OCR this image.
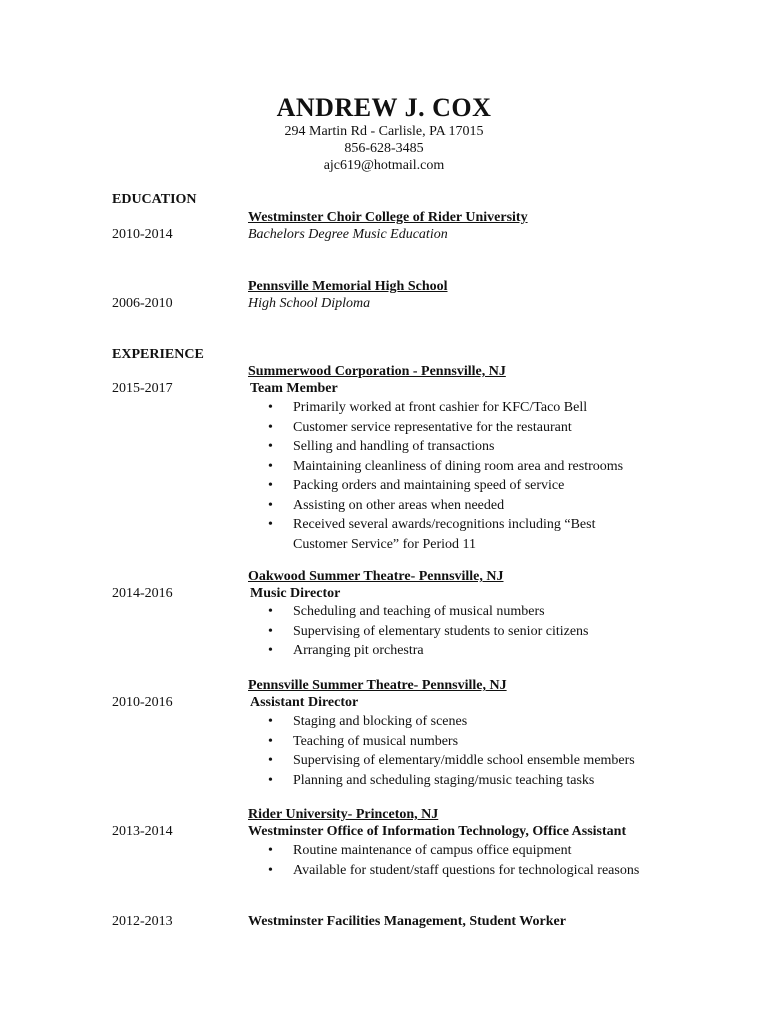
ANDREW J. COX
294 Martin Rd - Carlisle, PA 17015
856-628-3485
ajc619@hotmail.com
EDUCATION
Westminster Choir College of Rider University
2010-2014	Bachelors Degree Music Education
Pennsville Memorial High School
2006-2010	High School Diploma
EXPERIENCE
Summerwood Corporation - Pennsville, NJ
2015-2017	Team Member
• Primarily worked at front cashier for KFC/Taco Bell
• Customer service representative for the restaurant
• Selling and handling of transactions
• Maintaining cleanliness of dining room area and restrooms
• Packing orders and maintaining speed of service
• Assisting on other areas when needed
• Received several awards/recognitions including “Best Customer Service” for Period 11
Oakwood Summer Theatre- Pennsville, NJ
2014-2016	Music Director
• Scheduling and teaching of musical numbers
• Supervising of elementary students to senior citizens
• Arranging pit orchestra
Pennsville Summer Theatre- Pennsville, NJ
2010-2016	Assistant Director
• Staging and blocking of scenes
• Teaching of musical numbers
• Supervising of elementary/middle school ensemble members
• Planning and scheduling staging/music teaching tasks
Rider University- Princeton, NJ
2013-2014	Westminster Office of Information Technology, Office Assistant
• Routine maintenance of campus office equipment
• Available for student/staff questions for technological reasons
2012-2013	Westminster Facilities Management, Student Worker
